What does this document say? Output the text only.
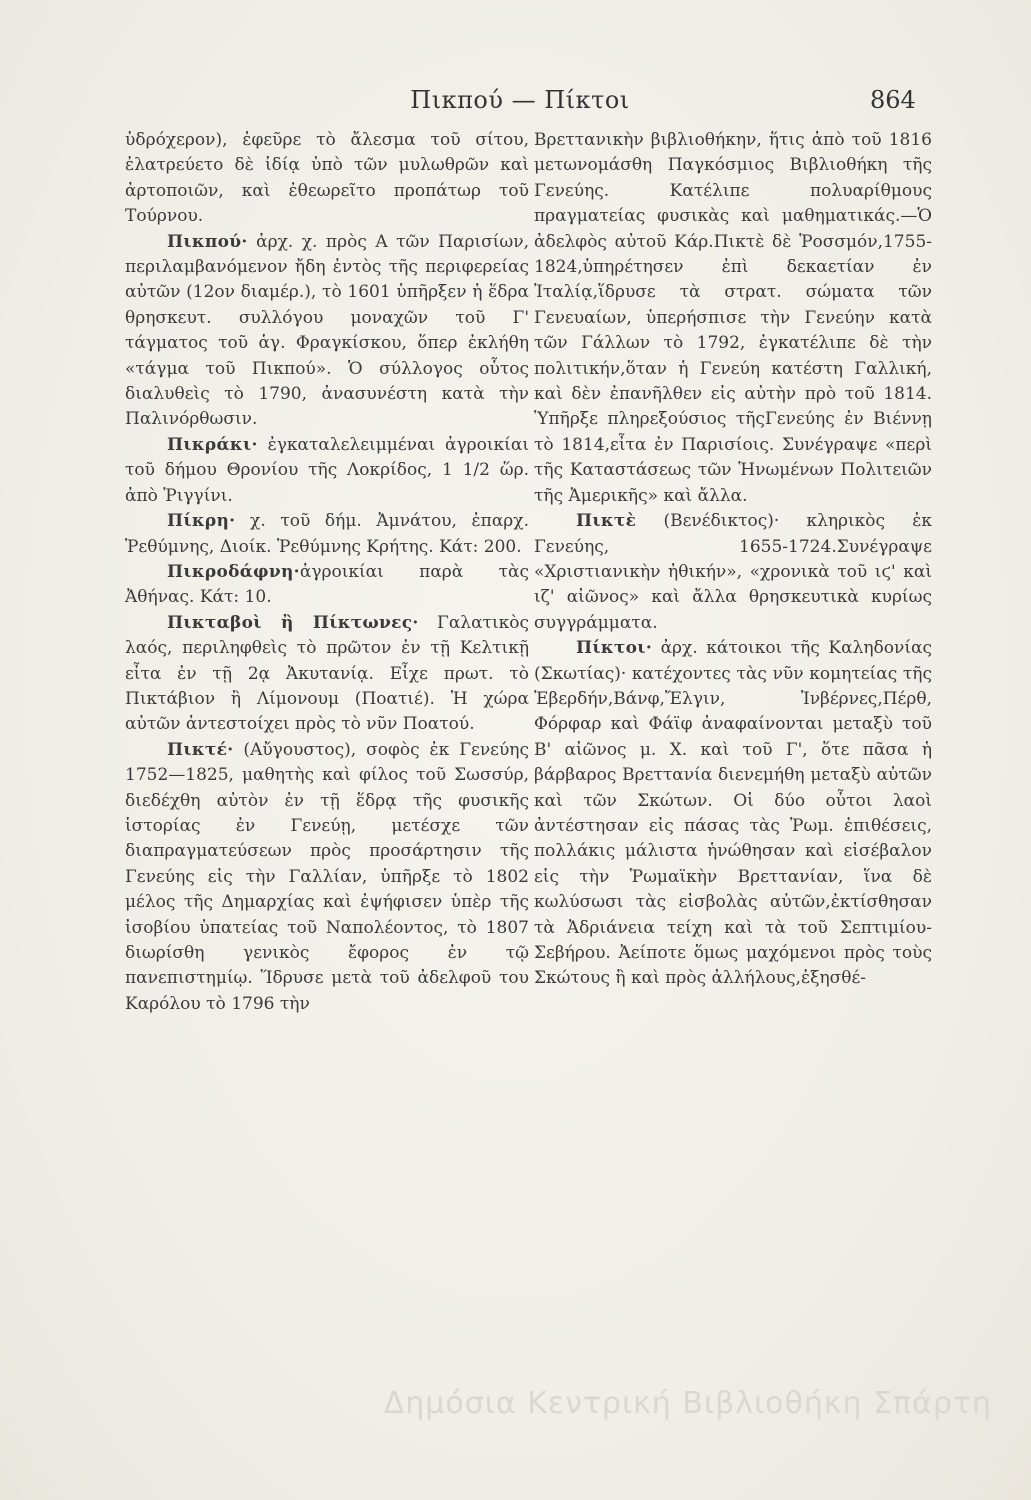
Πικπού — Πίκτοι	864

ὑδρόχερον), ἐφεῦρε τὸ ἄλεσμα τοῦ σίτου, ἐλατρεύετο δὲ ἰδίᾳ ὑπὸ τῶν μυλωθρῶν καὶ ἀρτοποιῶν, καὶ ἐθεωρεῖτο προπάτωρ τοῦ Τούρνου.

Πικπού· ἀρχ. χ. πρὸς Α τῶν Παρισίων, περιλαμβανόμενον ἤδη ἐντὸς τῆς περιφερείας αὐτῶν (12ον διαμέρ.), τὸ 1601 ὑπῆρξεν ἡ ἕδρα θρησκευτ. συλλόγου μοναχῶν τοῦ Γ' τάγματος τοῦ ἁγ. Φραγκίσκου, ὅπερ ἐκλήθη «τάγμα τοῦ Πικπού». Ὁ σύλλογος οὗτος διαλυθεὶς τὸ 1790, ἀνασυνέστη κατὰ τὴν Παλινόρθωσιν.

Πικράκι· ἐγκαταλελειμμέναι ἀγροικίαι τοῦ δήμου Θρονίου τῆς Λοκρίδος, 1 1/2 ὥρ. ἀπὸ Ῥιγγίνι.

Πίκρη· χ. τοῦ δήμ. Ἀμνάτου, ἐπαρχ. Ῥεθύμνης, Διοίκ. Ῥεθύμνης Κρήτης. Κάτ: 200.

Πικροδάφνη·ἀγροικίαι παρὰ τὰς Ἀθήνας. Κάτ: 10.

Πικταβοὶ ἢ Πίκτωνες· Γαλατικὸς λαός, περιληφθεὶς τὸ πρῶτον ἐν τῇ Κελτικῇ εἶτα ἐν τῇ 2ᾳ Ἀκυτανίᾳ. Εἶχε πρωτ. τὸ Πικτάβιον ἢ Λίμονουμ (Ποατιέ). Ἡ χώρα αὐτῶν ἀντεστοίχει πρὸς τὸ νῦν Ποατού.

Πικτέ· (Αὔγουστος), σοφὸς ἐκ Γενεύης 1752—1825, μαθητὴς καὶ φίλος τοῦ Σωσσύρ, διεδέχθη αὐτὸν ἐν τῇ ἕδρᾳ τῆς φυσικῆς ἱστορίας ἐν Γενεύῃ, μετέσχε τῶν διαπραγματεύσεων πρὸς προσάρτησιν τῆς Γενεύης εἰς τὴν Γαλλίαν, ὑπῆρξε τὸ 1802 μέλος τῆς Δημαρχίας καὶ ἐψήφισεν ὑπὲρ τῆς ἰσοβίου ὑπατείας τοῦ Ναπολέοντος, τὸ 1807 διωρίσθη γενικὸς ἔφορος ἐν τῷ πανεπιστημίῳ. Ἵδρυσε μετὰ τοῦ ἀδελφοῦ του Καρόλου τὸ 1796 τὴν

Βρεττανικὴν βιβλιοθήκην, ἥτις ἀπὸ τοῦ 1816 μετωνομάσθη Παγκόσμιος Βιβλιοθήκη τῆς Γενεύης. Κατέλιπε πολυαρίθμους πραγματείας φυσικὰς καὶ μαθηματικάς.—Ὁ ἀδελφὸς αὐτοῦ Κάρ.Πικτὲ δὲ Ῥοσσμόν,1755-1824,ὑπηρέτησεν ἐπὶ δεκαετίαν ἐν Ἰταλίᾳ,ἵδρυσε τὰ στρατ. σώματα τῶν Γενευαίων, ὑπερήσπισε τὴν Γενεύην κατὰ τῶν Γάλλων τὸ 1792, ἐγκατέλιπε δὲ τὴν πολιτικήν,ὅταν ἡ Γενεύη κατέστη Γαλλική, καὶ δὲν ἐπανῆλθεν εἰς αὐτὴν πρὸ τοῦ 1814. Ὑπῆρξε πληρεξούσιος τῆςΓενεύης ἐν Βιέννῃ τὸ 1814,εἶτα ἐν Παρισίοις. Συνέγραψε «περὶ τῆς Καταστάσεως τῶν Ἡνωμένων Πολιτειῶν τῆς Ἀμερικῆς» καὶ ἄλλα.

Πικτὲ (Βενέδικτος)· κληρικὸς ἐκ Γενεύης, 1655-1724.Συνέγραψε «Χριστιανικὴν ἠθικήν», «χρονικὰ τοῦ ιϛ' καὶ ιζ' αἰῶνος» καὶ ἄλλα θρησκευτικὰ κυρίως συγγράμματα.

Πίκτοι· ἀρχ. κάτοικοι τῆς Καληδονίας (Σκωτίας)· κατέχοντες τὰς νῦν κομητείας τῆς Ἐβερδήν,Βάνφ,Ἔλγιν, Ἰνβέρνες,Πέρθ, Φόρφαρ καὶ Φάϊφ ἀναφαίνονται μεταξὺ τοῦ Β' αἰῶνος μ. Χ. καὶ τοῦ Γ', ὅτε πᾶσα ἡ βάρβαρος Βρεττανία διενεμήθη μεταξὺ αὐτῶν καὶ τῶν Σκώτων. Οἱ δύο οὗτοι λαοὶ ἀντέστησαν εἰς πάσας τὰς Ῥωμ. ἐπιθέσεις, πολλάκις μάλιστα ἡνώθησαν καὶ εἰσέβαλον εἰς τὴν Ῥωμαϊκὴν Βρεττανίαν, ἵνα δὲ κωλύσωσι τὰς εἰσβολὰς αὐτῶν,ἐκτίσθησαν τὰ Ἀδριάνεια τείχη καὶ τὰ τοῦ Σεπτιμίου-Σεβήρου. Ἀείποτε ὅμως μαχόμενοι πρὸς τοὺς Σκώτους ἢ καὶ πρὸς ἀλλήλους,ἐξησθέ-

Δημόσια Κεντρική Βιβλιοθήκη Σπάρτη
